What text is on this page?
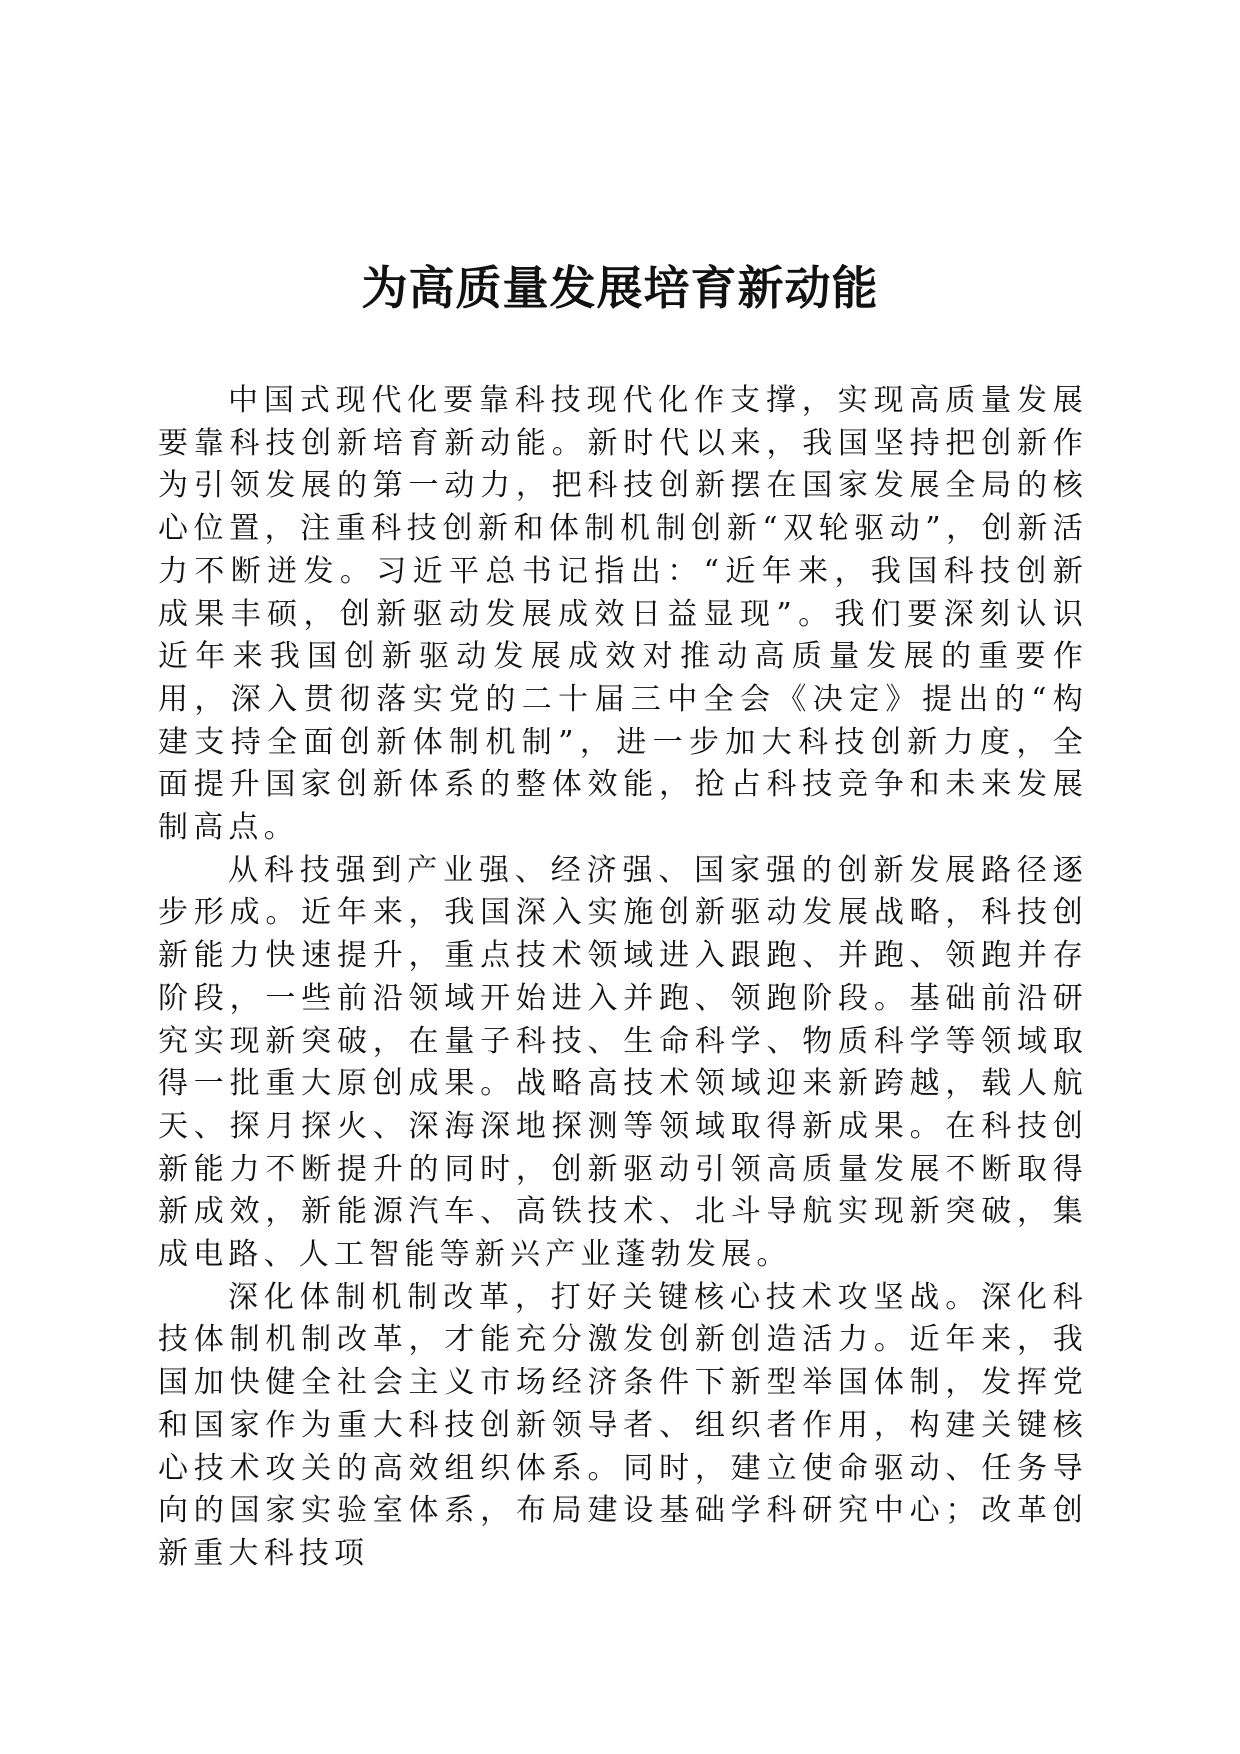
为高质量发展培育新动能

中国式现代化要靠科技现代化作支撑，实现高质量发展要靠科技创新培育新动能。新时代以来，我国坚持把创新作为引领发展的第一动力，把科技创新摆在国家发展全局的核心位置，注重科技创新和体制机制创新“双轮驱动”，创新活力不断迸发。习近平总书记指出：“近年来，我国科技创新成果丰硕，创新驱动发展成效日益显现”。我们要深刻认识近年来我国创新驱动发展成效对推动高质量发展的重要作用，深入贯彻落实党的二十届三中全会《决定》提出的“构建支持全面创新体制机制”，进一步加大科技创新力度，全面提升国家创新体系的整体效能，抢占科技竞争和未来发展制高点。

从科技强到产业强、经济强、国家强的创新发展路径逐步形成。近年来，我国深入实施创新驱动发展战略，科技创新能力快速提升，重点技术领域进入跟跑、并跑、领跑并存阶段，一些前沿领域开始进入并跑、领跑阶段。基础前沿研究实现新突破，在量子科技、生命科学、物质科学等领域取得一批重大原创成果。战略高技术领域迎来新跨越，载人航天、探月探火、深海深地探测等领域取得新成果。在科技创新能力不断提升的同时，创新驱动引领高质量发展不断取得新成效，新能源汽车、高铁技术、北斗导航实现新突破，集成电路、人工智能等新兴产业蓬勃发展。

深化体制机制改革，打好关键核心技术攻坚战。深化科技体制机制改革，才能充分激发创新创造活力。近年来，我国加快健全社会主义市场经济条件下新型举国体制，发挥党和国家作为重大科技创新领导者、组织者作用，构建关键核心技术攻关的高效组织体系。同时，建立使命驱动、任务导向的国家实验室体系，布局建设基础学科研究中心；改革创新重大科技项
